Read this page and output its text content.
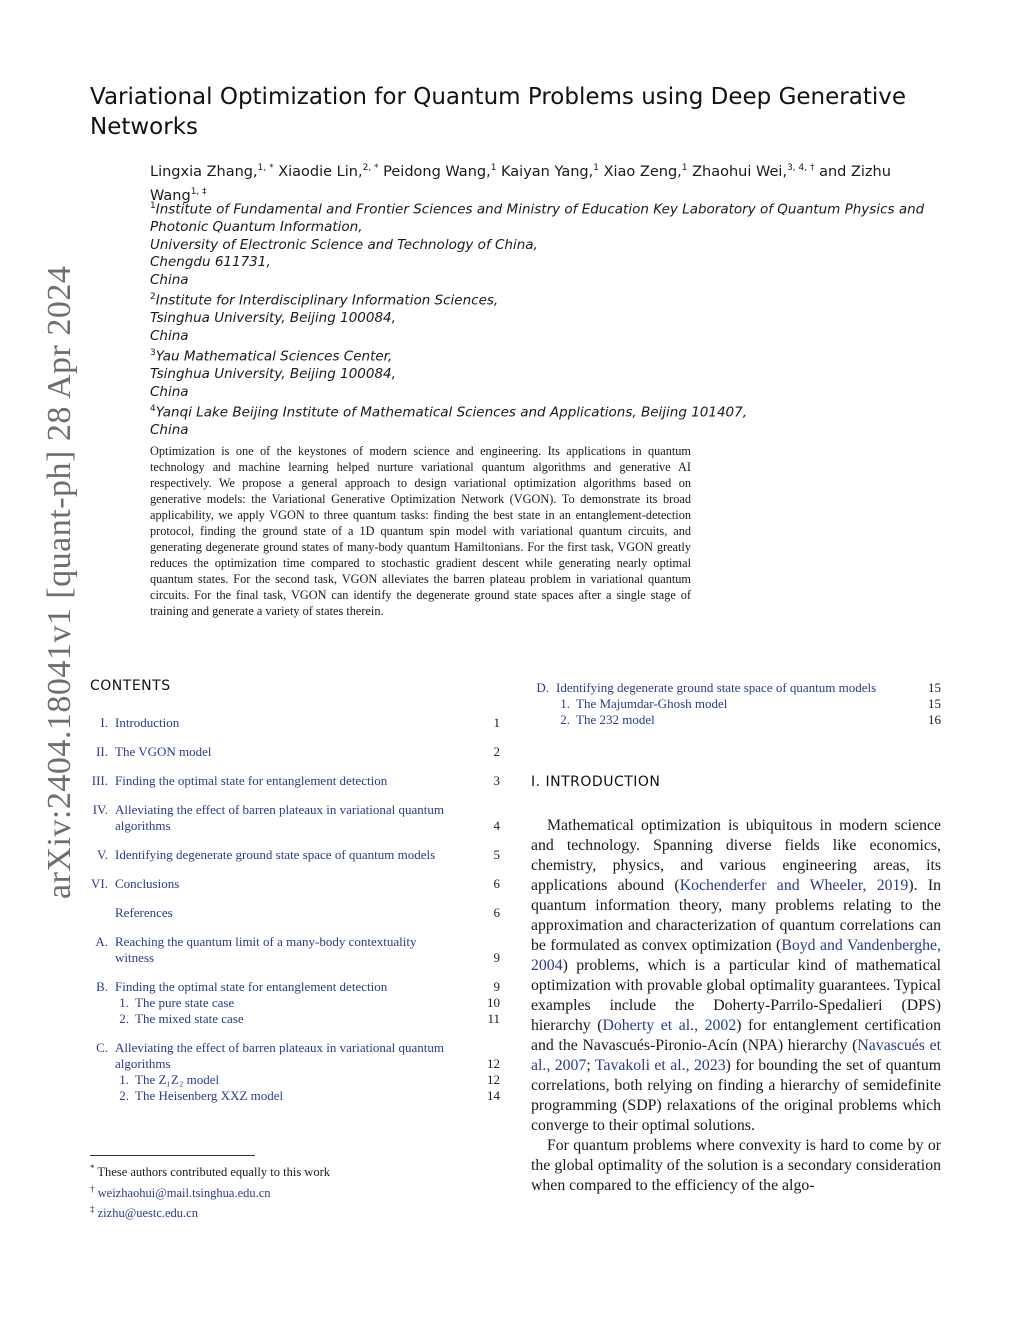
arXiv:2404.18041v1 [quant-ph] 28 Apr 2024
Variational Optimization for Quantum Problems using Deep Generative Networks
Lingxia Zhang,$^{1, *}$ Xiaodie Lin,$^{2, *}$ Peidong Wang,$^1$ Kaiyan Yang,$^1$ Xiao Zeng,$^1$ Zhaohui Wei,$^{3, 4, \dagger}$ and Zizhu Wang$^{1, \ddagger}$
$^1$Institute of Fundamental and Frontier Sciences and Ministry of Education Key Laboratory of Quantum Physics and
Photonic Quantum Information,
University of Electronic Science and Technology of China,
Chengdu 611731,
China
$^2$Institute for Interdisciplinary Information Sciences,
Tsinghua University, Beijing 100084,
China
$^3$Yau Mathematical Sciences Center,
Tsinghua University, Beijing 100084,
China
$^4$Yanqi Lake Beijing Institute of Mathematical Sciences and Applications, Beijing 101407,
China

Optimization is one of the keystones of modern science and engineering. Its applications in quantum technology and machine learning helped nurture variational quantum algorithms and generative AI respectively. We propose a general approach to design variational optimization algorithms based on generative models: the Variational Generative Optimization Network (VGON). To demonstrate its broad applicability, we apply VGON to three quantum tasks: finding the best state in an entanglement-detection protocol, finding the ground state of a 1D quantum spin model with variational quantum circuits, and generating degenerate ground states of many-body quantum Hamiltonians. For the first task, VGON greatly reduces the optimization time compared to stochastic gradient descent while generating nearly optimal quantum states. For the second task, VGON alleviates the barren plateau problem in variational quantum circuits. For the final task, VGON can identify the degenerate ground state spaces after a single stage of training and generate a variety of states therein.

CONTENTS
I. Introduction	1
II. The VGON model	2
III. Finding the optimal state for entanglement detection	3
IV. Alleviating the effect of barren plateaux in variational quantum
algorithms	4
V. Identifying degenerate ground state space of quantum models	5
VI. Conclusions	6
References	6
A. Reaching the quantum limit of a many-body contextuality
witness	9
B. Finding the optimal state for entanglement detection	9
1. The pure state case	10
2. The mixed state case	11
C. Alleviating the effect of barren plateaux in variational quantum
algorithms	12
1. The Z₁Z₂ model	12
2. The Heisenberg XXZ model	14
D. Identifying degenerate ground state space of quantum models	15
1. The Majumdar-Ghosh model	15
2. The 232 model	16
I. INTRODUCTION

Mathematical optimization is ubiquitous in modern science and technology. Spanning diverse fields like economics, chemistry, physics, and various engineering areas, its applications abound (Kochenderfer and Wheeler, 2019). In quantum information theory, many problems relating to the approximation and characterization of quantum correlations can be formulated as convex optimization (Boyd and Vandenberghe, 2004) problems, which is a particular kind of mathematical optimization with provable global optimality guarantees. Typical examples include the Doherty-Parrilo-Spedalieri (DPS) hierarchy (Doherty et al., 2002) for entanglement certification and the Navascués-Pironio-Acín (NPA) hierarchy (Navascués et al., 2007; Tavakoli et al., 2023) for bounding the set of quantum correlations, both relying on finding a hierarchy of semidefinite programming (SDP) relaxations of the original problems which converge to their optimal solutions.

For quantum problems where convexity is hard to come by or the global optimality of the solution is a secondary consideration when compared to the efficiency of the algo-

* These authors contributed equally to this work
† weizhaohui@mail.tsinghua.edu.cn
‡ zizhu@uestc.edu.cn
